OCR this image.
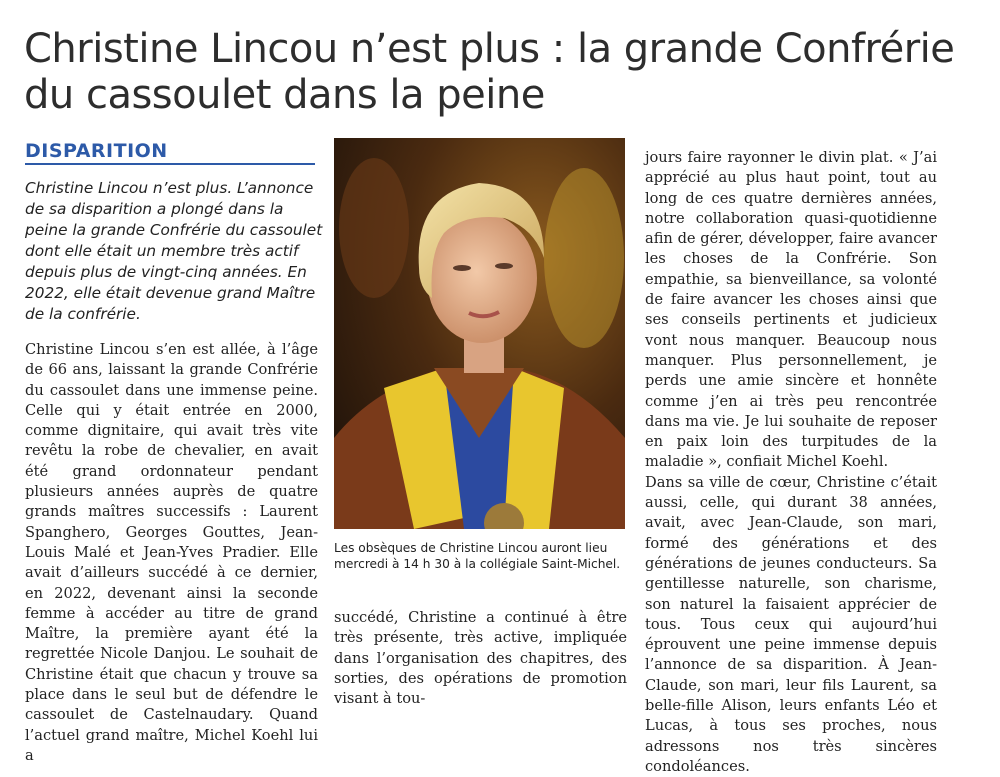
Christine Lincou n’est plus : la grande Confrérie
du cassoulet dans la peine
DISPARITION
Christine Lincou n’est plus. L’annonce de sa disparition a plongé dans la peine la grande Confrérie du cassoulet dont elle était un membre très actif depuis plus de vingt-cinq années. En 2022, elle était devenue grand Maître de la confrérie.

Christine Lincou s’en est allée, à l’âge de 66 ans, laissant la grande Confrérie du cassoulet dans une immense peine. Celle qui y était entrée en 2000, comme dignitaire, qui avait très vite revêtu la robe de chevalier, en avait été grand ordonnateur pendant plusieurs années auprès de quatre grands maîtres successifs : Laurent Spanghero, Georges Gouttes, Jean-Louis Malé et Jean-Yves Pradier. Elle avait d’ailleurs succédé à ce dernier, en 2022, devenant ainsi la seconde femme à accéder au titre de grand Maître, la première ayant été la regrettée Nicole Danjou. Le souhait de Christine était que chacun y trouve sa place dans le seul but de défendre le cassoulet de Castelnaudary. Quand l’actuel grand maître, Michel Koehl lui a

Les obsèques de Christine Lincou auront lieu mercredi à 14 h 30 à la collégiale Saint-Michel.

succédé, Christine a continué à être très présente, très active, impliquée dans l’organisation des chapitres, des sorties, des opérations de promotion visant à tou-

jours faire rayonner le divin plat. « J’ai apprécié au plus haut point, tout au long de ces quatre dernières années, notre collaboration quasi-quotidienne afin de gérer, développer, faire avancer les choses de la Confrérie. Son empathie, sa bienveillance, sa volonté de faire avancer les choses ainsi que ses conseils pertinents et judicieux vont nous manquer. Beaucoup nous manquer. Plus personnellement, je perds une amie sincère et honnête comme j’en ai très peu rencontrée dans ma vie. Je lui souhaite de reposer en paix loin des turpitudes de la maladie », confiait Michel Koehl.

Dans sa ville de cœur, Christine c’était aussi, celle, qui durant 38 années, avait, avec Jean-Claude, son mari, formé des générations et des générations de jeunes conducteurs. Sa gentillesse naturelle, son charisme, son naturel la faisaient apprécier de tous. Tous ceux qui aujourd’hui éprouvent une peine immense depuis l’annonce de sa disparition. À Jean-Claude, son mari, leur fils Laurent, sa belle-fille Alison, leurs enfants Léo et Lucas, à tous ses proches, nous adressons nos très sincères condoléances.
